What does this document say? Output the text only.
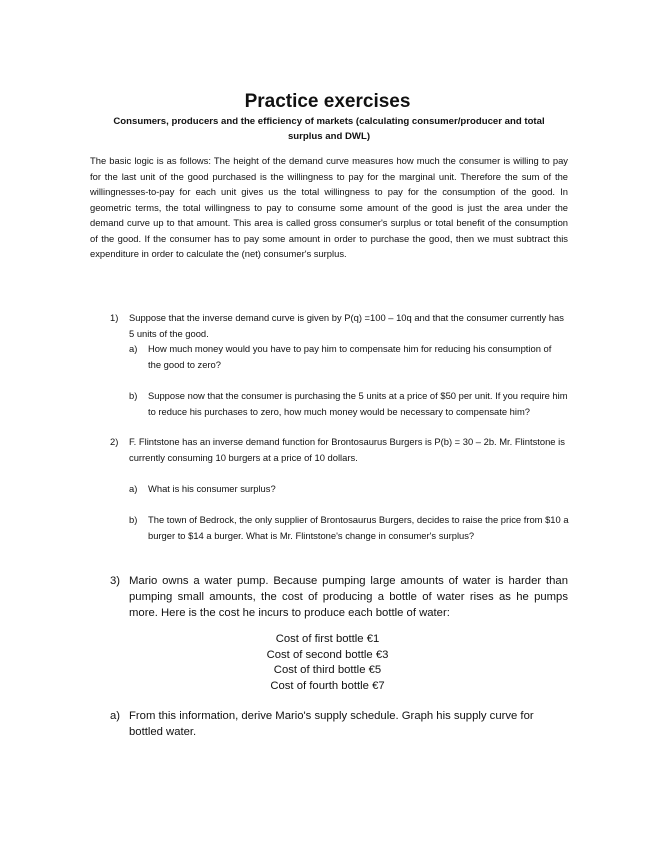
Practice exercises
Consumers, producers and the efficiency of markets (calculating consumer/producer and total surplus and DWL)
The basic logic is as follows: The height of the demand curve measures how much the consumer is willing to pay for the last unit of the good purchased is the willingness to pay for the marginal unit. Therefore the sum of the willingnesses-to-pay for each unit gives us the total willingness to pay for the consumption of the good. In geometric terms, the total willingness to pay to consume some amount of the good is just the area under the demand curve up to that amount. This area is called gross consumer's surplus or total benefit of the consumption of the good. If the consumer has to pay some amount in order to purchase the good, then we must subtract this expenditure in order to calculate the (net) consumer's surplus.
1)	Suppose that the inverse demand curve is given by P(q) =100 – 10q and that the consumer currently has 5 units of the good.
a)	How much money would you have to pay him to compensate him for reducing his consumption of the good to zero?
b)	Suppose now that the consumer is purchasing the 5 units at a price of $50 per unit. If you require him to reduce his purchases to zero, how much money would be necessary to compensate him?
2)	F. Flintstone has an inverse demand function for Brontosaurus Burgers is P(b) = 30 – 2b. Mr. Flintstone is currently consuming 10 burgers at a price of 10 dollars.
a)	What is his consumer surplus?
b)	The town of Bedrock, the only supplier of Brontosaurus Burgers, decides to raise the price from $10 a burger to $14 a burger. What is Mr. Flintstone's change in consumer's surplus?
3) Mario owns a water pump. Because pumping large amounts of water is harder than pumping small amounts, the cost of producing a bottle of water rises as he pumps more. Here is the cost he incurs to produce each bottle of water:
Cost of first bottle €1
Cost of second bottle €3
Cost of third bottle €5
Cost of fourth bottle €7
a) From this information, derive Mario's supply schedule. Graph his supply curve for bottled water.
